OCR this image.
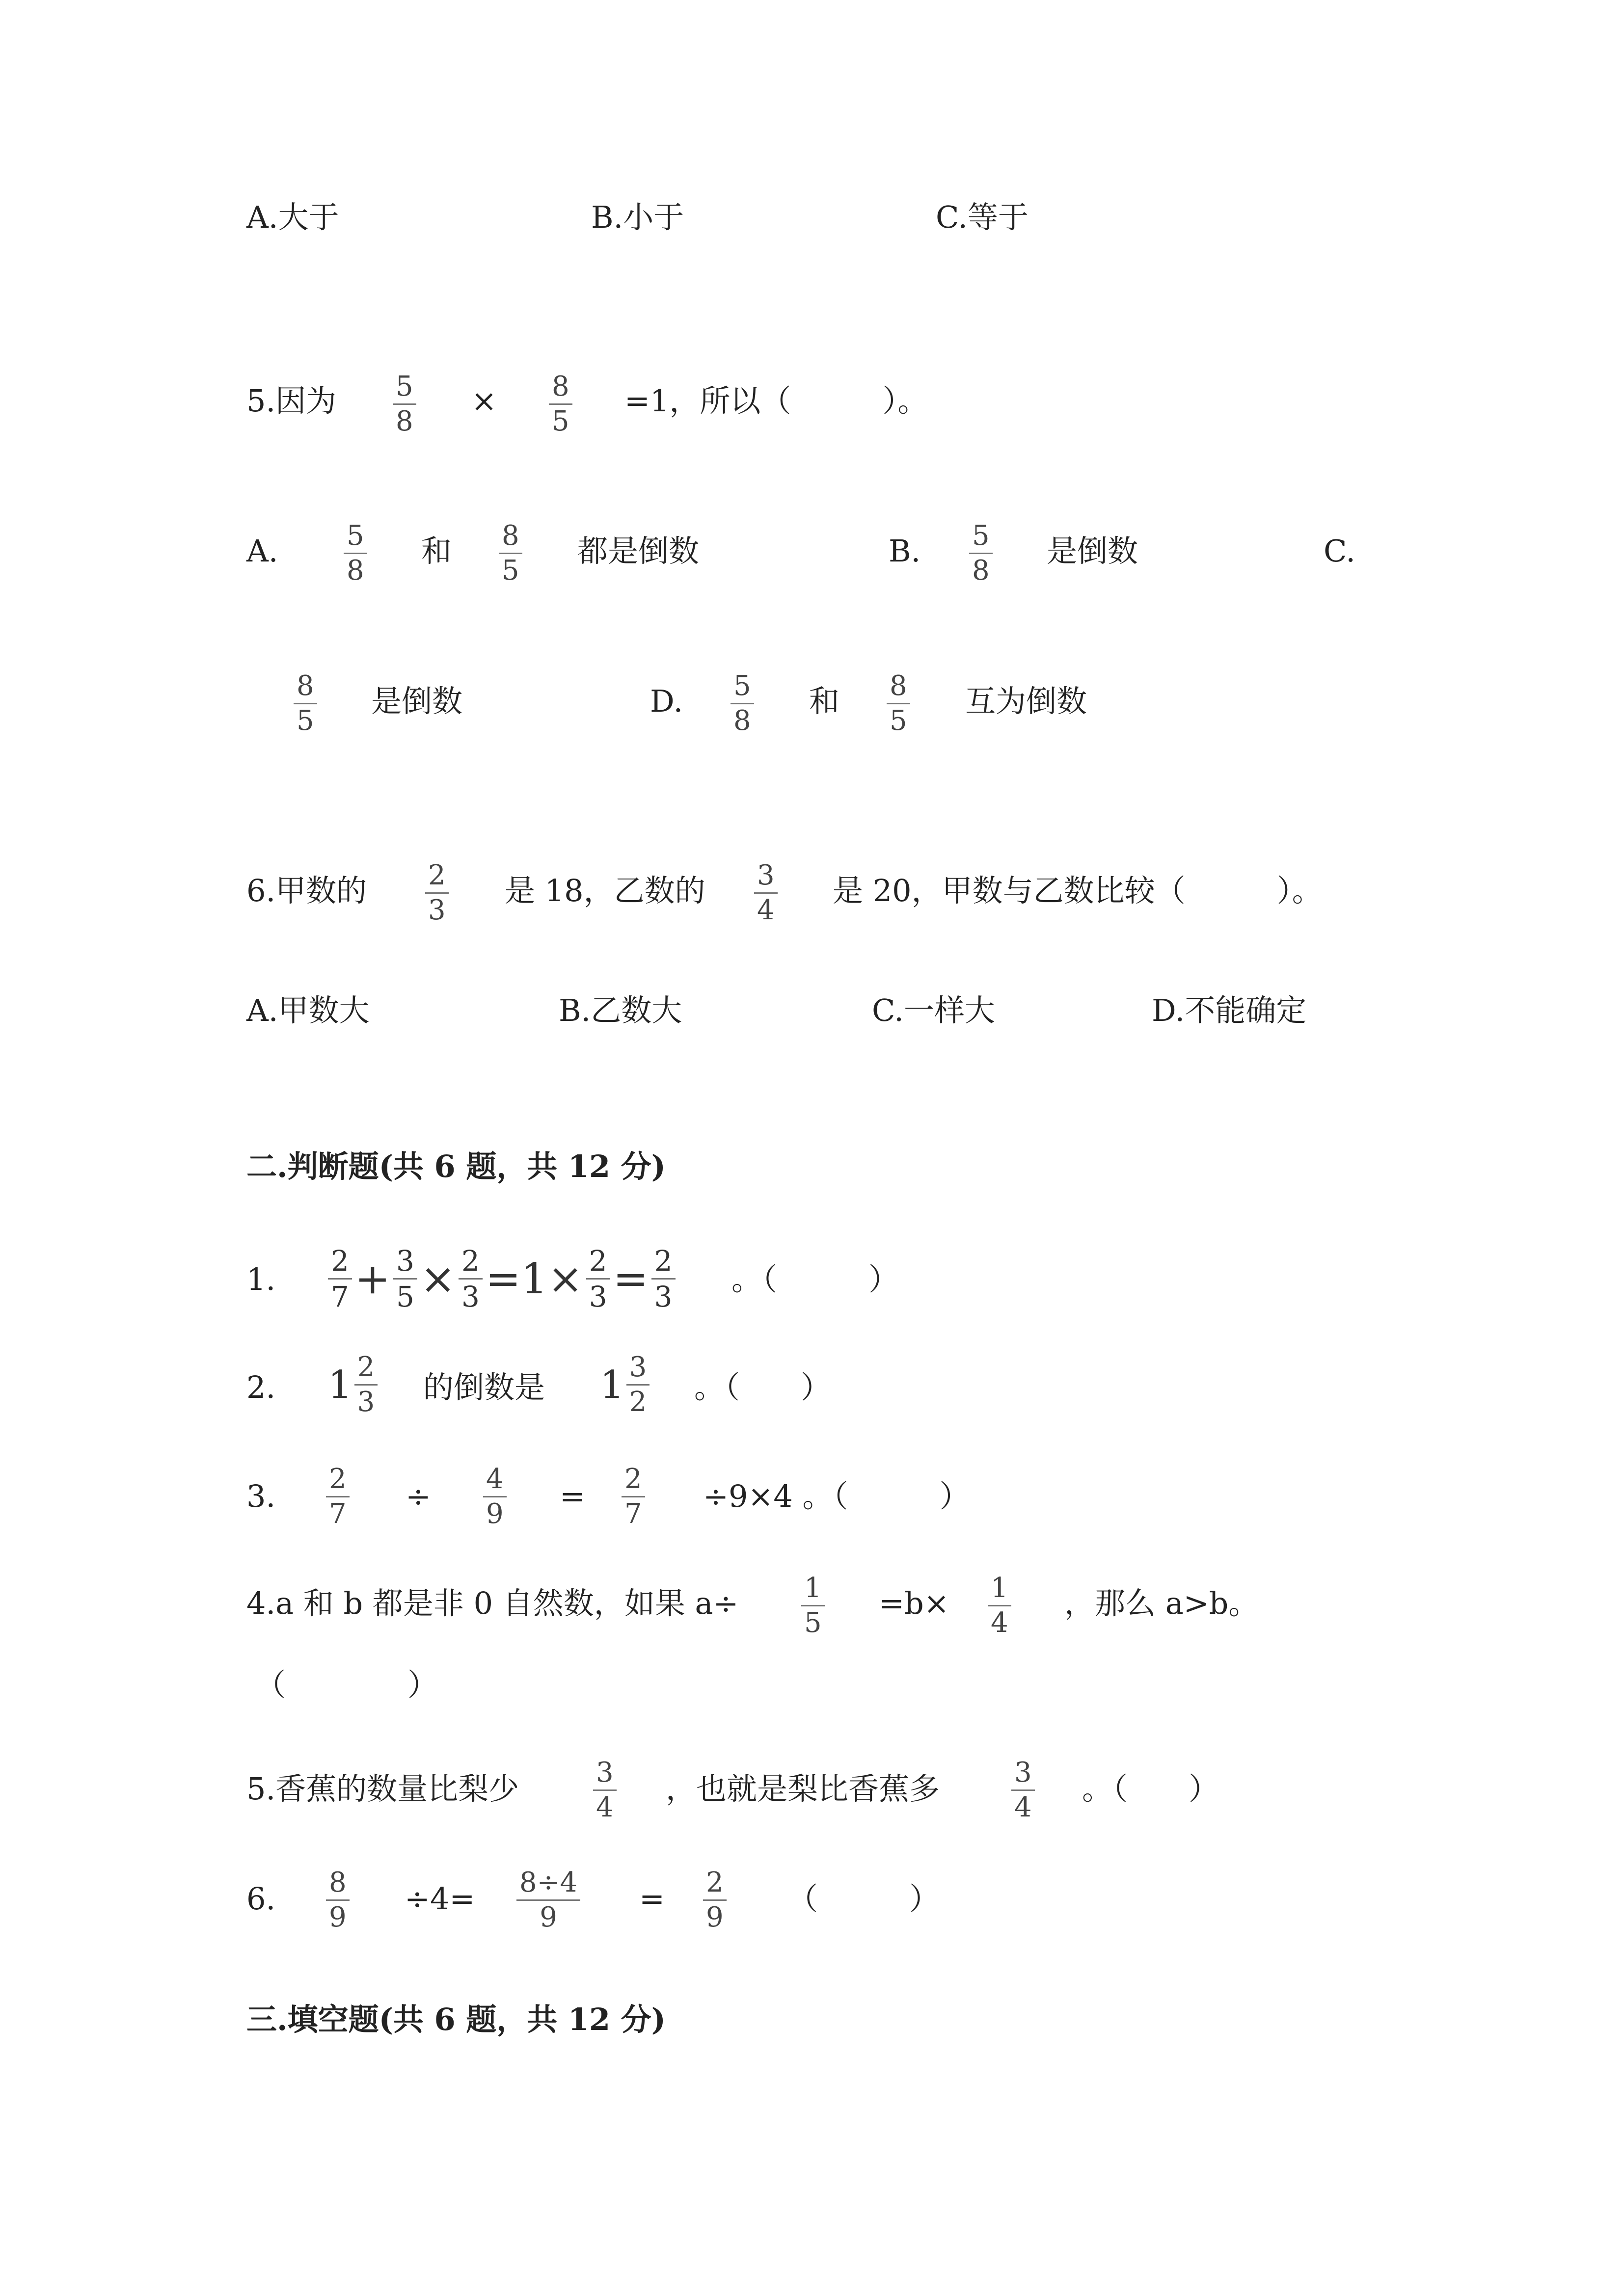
A.大于	B.小于	C.等于
5.因为 5
8
× 8
5
=1，所以（　　　）。
A. 5
8
和 8
5
都是倒数	B. 5
8
是倒数	C.
8
5
是倒数	D. 5
8
和 8
5
互为倒数
6.甲数的 2
3
是 18，乙数的 3
4
是 20，甲数与乙数比较（　　　）。
A.甲数大	B.乙数大	C.一样大	D.不能确定
二.判断题(共 6 题，共 12 分)
1. $\frac{2}{7} + \frac{3}{5} \times \frac{2}{3} =1\times \frac{2}{3} = \frac{2}{3}$ 。（　　　）
2. $1 \frac{2}{3}$ 的倒数是 $1 \frac{3}{2}$ 。（　　）
3. 2
7 ÷ 4
9 = 2
7 ÷9×4 。（　　　）
4.a 和 b 都是非 0 自然数，如果 a÷ 1
5
=b× 1
4
，那么 a>b。
（　　　　）
5.香蕉的数量比梨少	3
4
，也就是梨比香蕉多	3
4
。（　　）
6. 8
9
÷4= 8÷4
9
= 2
9
（　　　）
三.填空题(共 6 题，共 12 分)
